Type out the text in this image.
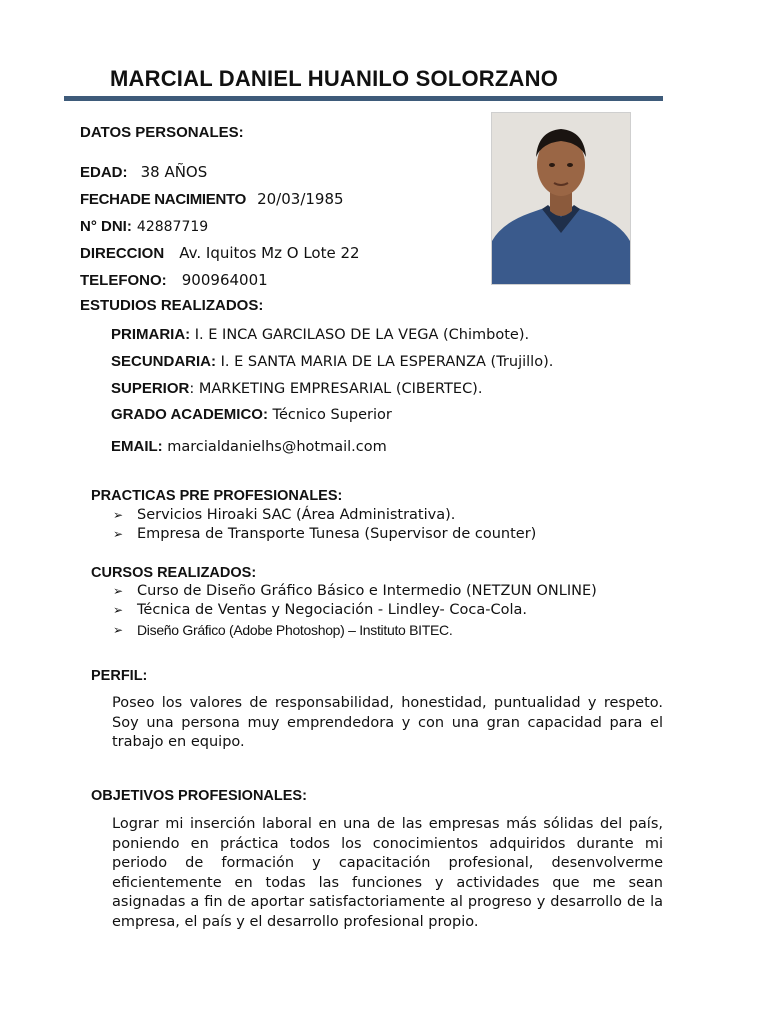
MARCIAL DANIEL HUANILO SOLORZANO
DATOS PERSONALES:
EDAD: 38 AÑOS
FECHADE NACIMIENTO 20/03/1985
N° DNI: 42887719
DIRECCION Av. Iquitos Mz O Lote 22
TELEFONO: 900964001
ESTUDIOS REALIZADOS:
PRIMARIA: I. E INCA GARCILASO DE LA VEGA (Chimbote).
SECUNDARIA: I. E SANTA MARIA DE LA ESPERANZA (Trujillo).
SUPERIOR: MARKETING EMPRESARIAL (CIBERTEC).
GRADO ACADEMICO: Técnico Superior
EMAIL: marcialdanielhs@hotmail.com
PRACTICAS PRE PROFESIONALES:
➢ Servicios Hiroaki SAC (Área Administrativa).
➢ Empresa de Transporte Tunesa (Supervisor de counter)
CURSOS REALIZADOS:
➢ Curso de Diseño Gráfico Básico e Intermedio (NETZUN ONLINE)
➢ Técnica de Ventas y Negociación - Lindley- Coca-Cola.
➢	Diseño Gráfico (Adobe Photoshop) – Instituto BITEC.
PERFIL:
Poseo los valores de responsabilidad, honestidad, puntualidad y respeto. Soy una persona muy emprendedora y con una gran capacidad para el trabajo en equipo.
OBJETIVOS PROFESIONALES:
Lograr mi inserción laboral en una de las empresas más sólidas del país, poniendo en práctica todos los conocimientos adquiridos durante mi periodo de formación y capacitación profesional, desenvolverme eficientemente en todas las funciones y actividades que me sean asignadas a fin de aportar satisfactoriamente al progreso y desarrollo de la empresa, el país y el desarrollo profesional propio.
